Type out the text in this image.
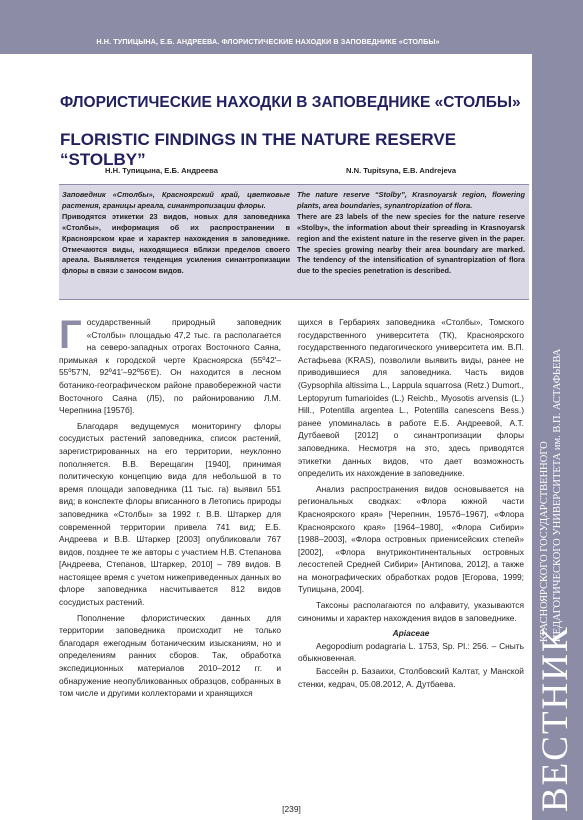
Н.Н. ТУПИЦЫНА, Е.Б. АНДРЕЕВА. ФЛОРИСТИЧЕСКИЕ НАХОДКИ В ЗАПОВЕДНИКЕ «СТОЛБЫ»
ВЕСТНИК
КРАСНОЯРСКОГО ГОСУДАРСТВЕННОГО ПЕДАГОГИЧЕСКОГО УНИВЕРСИТЕТА им. В.П. АСТАФЬЕВА
ФЛОРИСТИЧЕСКИЕ НАХОДКИ В ЗАПОВЕДНИКЕ «СТОЛБЫ»
FLORISTIC FINDINGS IN THE NATURE RESERVE “STOLBY”
Н.Н. Тупицына, Е.Б. Андреева	N.N. Tupitsyna, E.B. Andrejeva
Заповедник «Столбы», Красноярский край, цветковые растения, границы ареала, синантропизации флоры.
Приводятся этикетки 23 видов, новых для заповедника «Столбы», информация об их распространении в Красноярском крае и характер нахождения в заповеднике. Отмечаются виды, находящиеся вблизи пределов своего ареала. Выявляется тенденция усиления синантропизации флоры в связи с заносом видов.
The nature reserve “Stolby”, Krasnoyarsk region, flowering plants, area boundaries, synantropization of flora.
There are 23 labels of the new species for the nature reserve «Stolby», the information about their spreading in Krasnoyarsk region and the existent nature in the reserve given in the paper. The species growing nearby their area boundary are marked. The tendency of the intensification of synantropization of flora due to the species penetration is described.

Государственный природный заповедник «Столбы» площадью 47,2 тыс. га располагается на северо-западных отрогах Восточного Саяна, примыкая к городской черте Красноярска (55º42'–55º57'N, 92º41'–92º56'E). Он находится в лесном ботанико-географическом районе правобережной части Восточного Саяна (Л5), по районированию Л.М. Черепнина [1957б].

Благодаря ведущемуся мониторингу флоры сосудистых растений заповедника, список растений, зарегистрированных на его территории, неуклонно пополняется. В.В. Верещагин [1940], принимая политическую концепцию вида для небольшой в то время площади заповедника (11 тыс. га) выявил 551 вид; в конспекте флоры вписанного в Летопись природы заповедника «Столбы» за 1992 г. В.В. Штаркер для современной территории привела 741 вид; Е.Б. Андреева и В.В. Штаркер [2003] опубликовали 767 видов, позднее те же авторы с участием Н.В. Степанова [Андреева, Степанов, Штаркер, 2010] – 789 видов. В настоящее время с учетом нижеприведенных данных во флоре заповедника насчитывается 812 видов сосудистых растений.

Пополнение флористических данных для территории заповедника происходит не только благодаря ежегодным ботаническим изысканиям, но и определениям ранних сборов. Так, обработка экспедиционных материалов 2010–2012 гг. и обнаружение неопубликованных образцов, собранных в том числе и другими коллекторами и хранящихся

щихся в Гербариях заповедника «Столбы», Томского государственного университета (ТК), Красноярского государственного педагогического университета им. В.П. Астафьева (KRAS), позволили выявить виды, ранее не приводившиеся для заповедника. Часть видов (Gypsophila altissima L., Lappula squarrosa (Retz.) Dumort., Leptopyrum fumarioides (L.) Reichb., Myosotis arvensis (L.) Hill., Potentilla argentea L., Potentilla canescens Bess.) ранее упоминалась в работе Е.Б. Андреевой, А.Т. Дутбаевой [2012] о синантропизации флоры заповедника. Несмотря на это, здесь приводятся этикетки данных видов, что дает возможность определить их нахождение в заповеднике.

Анализ распространения видов основывается на региональных сводках: «Флора южной части Красноярского края» [Черепнин, 1957б–1967], «Флора Красноярского края» [1964–1980], «Флора Сибири» [1988–2003], «Флора островных приенисейских степей» [2002], «Флора внутриконтинентальных островных лесостепей Средней Сибири» [Антипова, 2012], а также на монографических обработках родов [Егорова, 1999; Тупицына, 2004].

Таксоны располагаются по алфавиту, указываются синонимы и характер нахождения видов в заповеднике.

Apiaceae

Aegopodium podagraria L. 1753, Sp. Pl.: 256. – Сныть обыкновенная.

Бассейн р. Базаихи, Столбовский Калтат, у Манской стенки, кедрач, 05.08.2012, А. Дутбаева.

[239]
